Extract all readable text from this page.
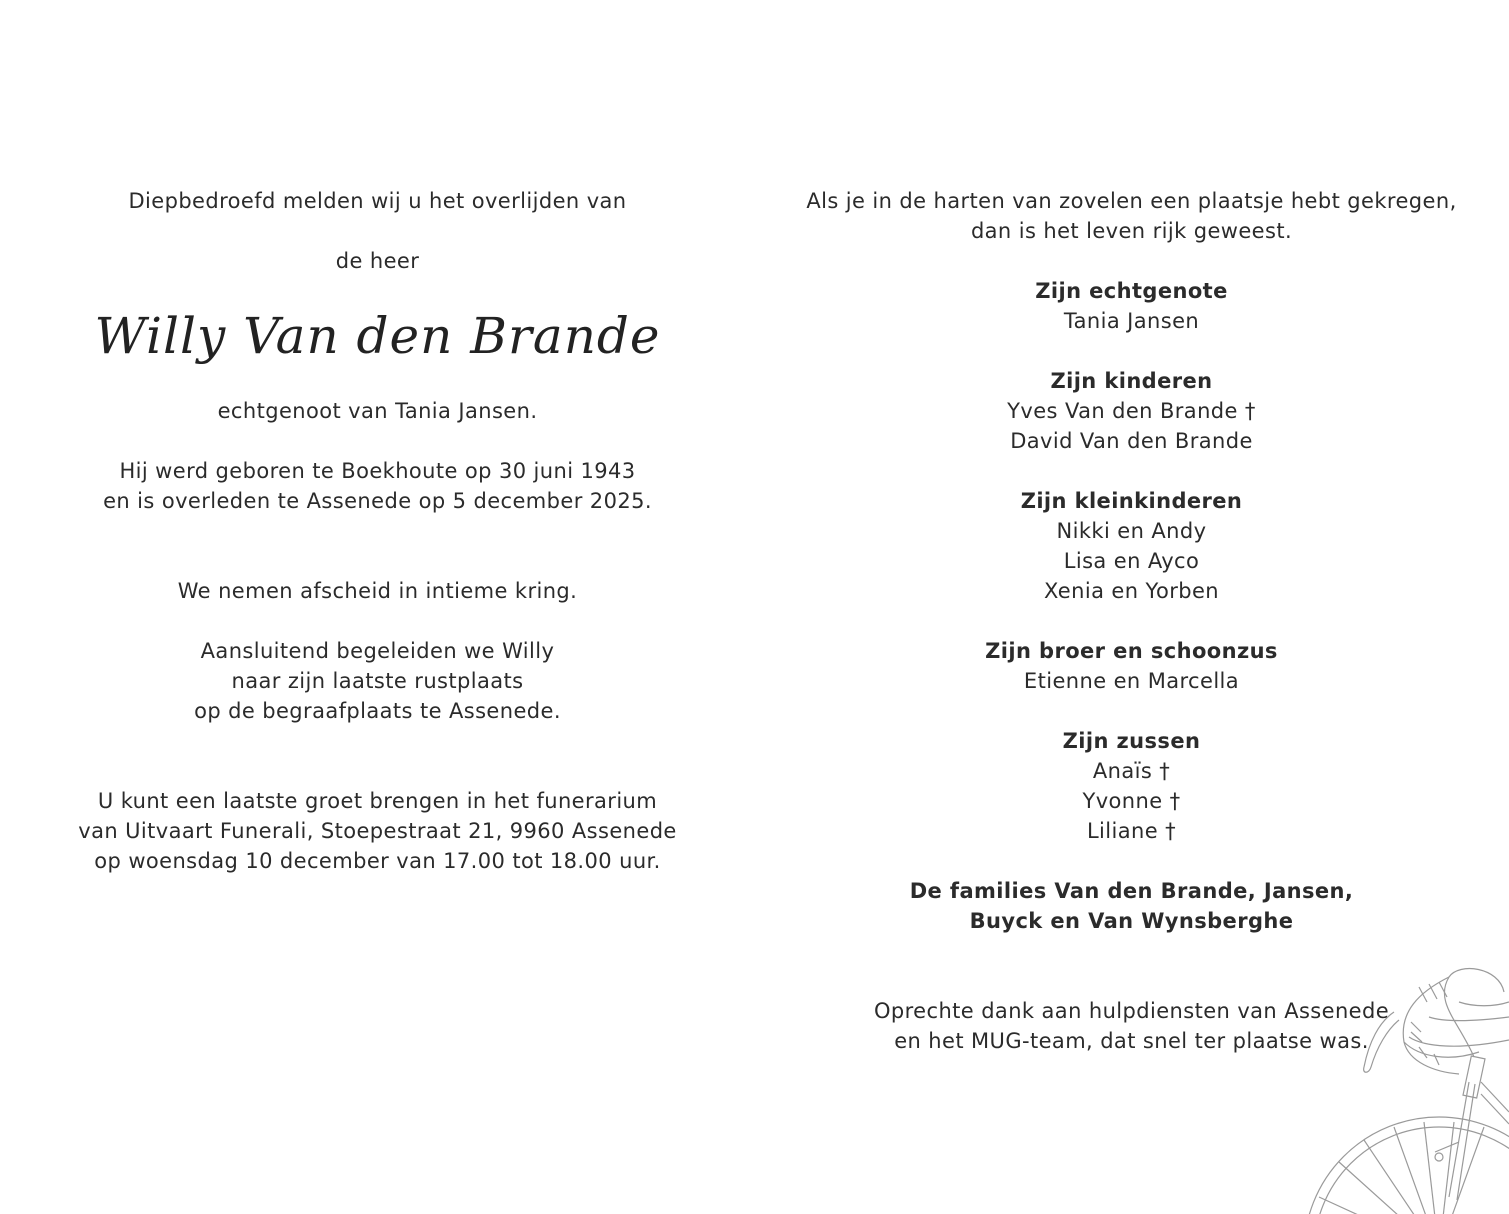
Diepbedroefd melden wij u het overlijden van
de heer
Willy Van den Brande
echtgenoot van Tania Jansen.
Hij werd geboren te Boekhoute op 30 juni 1943
en is overleden te Assenede op 5 december 2025.
We nemen afscheid in intieme kring.
Aansluitend begeleiden we Willy
naar zijn laatste rustplaats
op de begraafplaats te Assenede.
U kunt een laatste groet brengen in het funerarium
van Uitvaart Funerali, Stoepestraat 21, 9960 Assenede
op woensdag 10 december van 17.00 tot 18.00 uur.
Als je in de harten van zovelen een plaatsje hebt gekregen,
dan is het leven rijk geweest.
Zijn echtgenote
Tania Jansen
Zijn kinderen
Yves Van den Brande †
David Van den Brande
Zijn kleinkinderen
Nikki en Andy
Lisa en Ayco
Xenia en Yorben
Zijn broer en schoonzus
Etienne en Marcella
Zijn zussen
Anaïs †
Yvonne †
Liliane †
De families Van den Brande, Jansen,
Buyck en Van Wynsberghe
Oprechte dank aan hulpdiensten van Assenede
en het MUG-team, dat snel ter plaatse was.
